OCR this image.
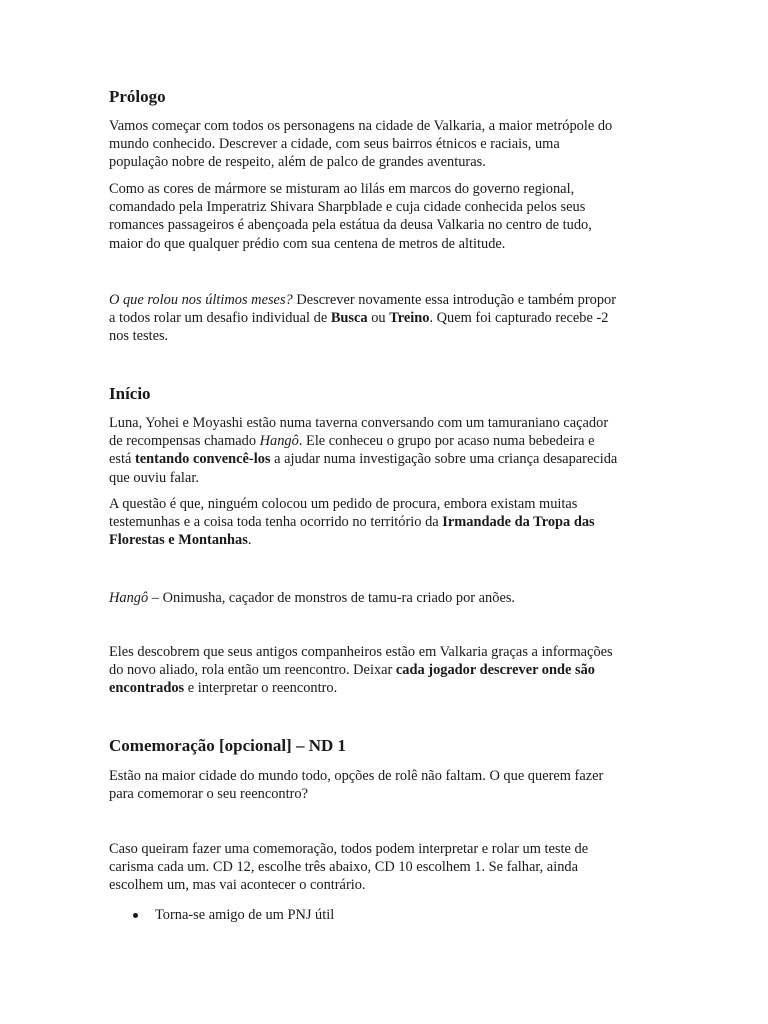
Prólogo

Vamos começar com todos os personagens na cidade de Valkaria, a maior metrópole do
mundo conhecido. Descrever a cidade, com seus bairros étnicos e raciais, uma
população nobre de respeito, além de palco de grandes aventuras.

Como as cores de mármore se misturam ao lilás em marcos do governo regional,
comandado pela Imperatriz Shivara Sharpblade e cuja cidade conhecida pelos seus
romances passageiros é abençoada pela estátua da deusa Valkaria no centro de tudo,
maior do que qualquer prédio com sua centena de metros de altitude.

O que rolou nos últimos meses? Descrever novamente essa introdução e também propor
a todos rolar um desafio individual de Busca ou Treino. Quem foi capturado recebe -2
nos testes.

Início

Luna, Yohei e Moyashi estão numa taverna conversando com um tamuraniano caçador
de recompensas chamado Hangô. Ele conheceu o grupo por acaso numa bebedeira e
está tentando convencê-los a ajudar numa investigação sobre uma criança desaparecida
que ouviu falar.

A questão é que, ninguém colocou um pedido de procura, embora existam muitas
testemunhas e a coisa toda tenha ocorrido no território da Irmandade da Tropa das
Florestas e Montanhas.

Hangô – Onimusha, caçador de monstros de tamu-ra criado por anões.

Eles descobrem que seus antigos companheiros estão em Valkaria graças a informações
do novo aliado, rola então um reencontro. Deixar cada jogador descrever onde são
encontrados e interpretar o reencontro.

Comemoração [opcional] – ND 1

Estão na maior cidade do mundo todo, opções de rolê não faltam. O que querem fazer
para comemorar o seu reencontro?

Caso queiram fazer uma comemoração, todos podem interpretar e rolar um teste de
carisma cada um. CD 12, escolhe três abaixo, CD 10 escolhem 1. Se falhar, ainda
escolhem um, mas vai acontecer o contrário.

Torna-se amigo de um PNJ útil
